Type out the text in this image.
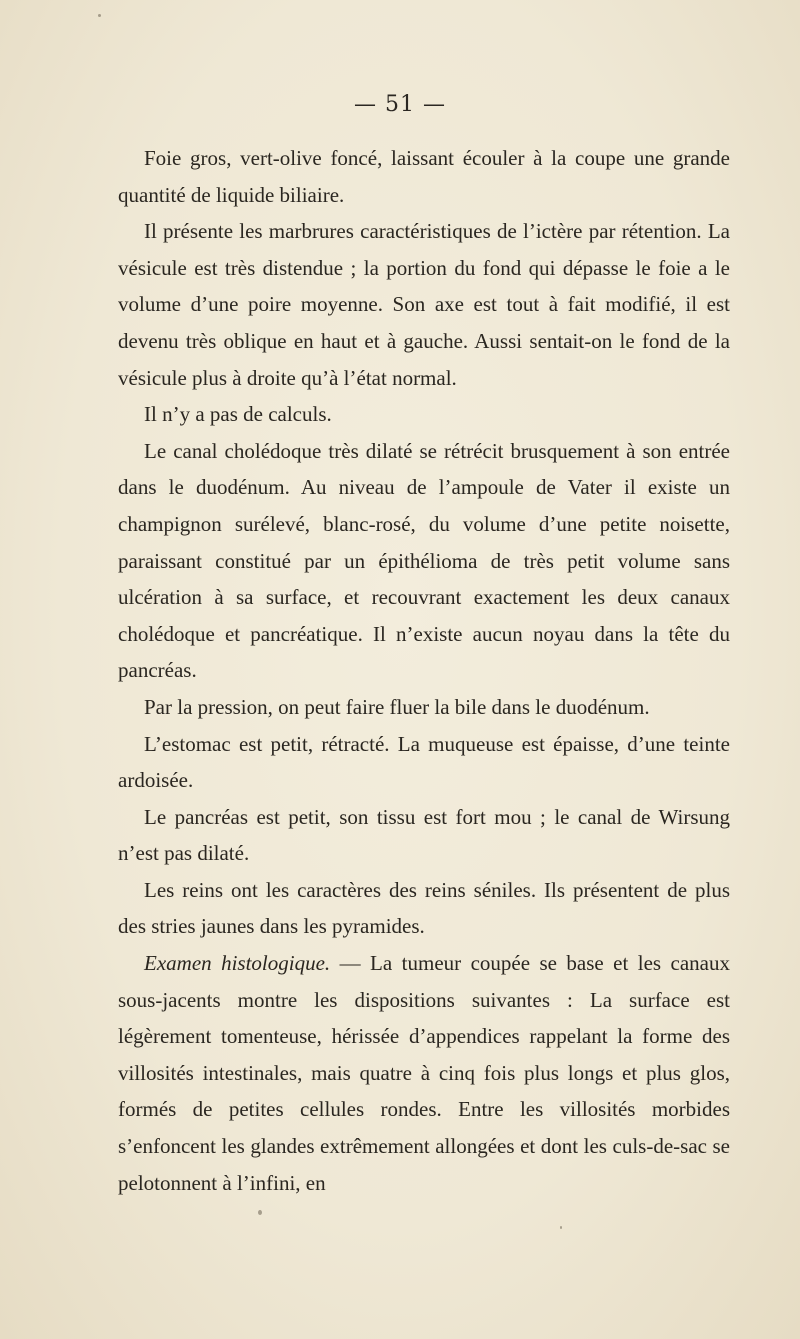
— 51 —

Foie gros, vert-olive foncé, laissant écouler à la coupe une grande quantité de liquide biliaire.

Il présente les marbrures caractéristiques de l’ictère par rétention. La vésicule est très distendue ; la portion du fond qui dépasse le foie a le volume d’une poire moyenne. Son axe est tout à fait modifié, il est devenu très oblique en haut et à gauche. Aussi sentait-on le fond de la vésicule plus à droite qu’à l’état normal.

Il n’y a pas de calculs.

Le canal cholédoque très dilaté se rétrécit brusquement à son entrée dans le duodénum. Au niveau de l’ampoule de Vater il existe un champignon surélevé, blanc-rosé, du volume d’une petite noisette, paraissant constitué par un épithélioma de très petit volume sans ulcération à sa surface, et recouvrant exactement les deux canaux cholédoque et pancréatique. Il n’existe aucun noyau dans la tête du pancréas.

Par la pression, on peut faire fluer la bile dans le duodénum.

L’estomac est petit, rétracté. La muqueuse est épaisse, d’une teinte ardoisée.

Le pancréas est petit, son tissu est fort mou ; le canal de Wirsung n’est pas dilaté.

Les reins ont les caractères des reins séniles. Ils présentent de plus des stries jaunes dans les pyramides.

Examen histologique. — La tumeur coupée se base et les canaux sous-jacents montre les dispositions suivantes : La surface est légèrement tomenteuse, hérissée d’appendices rappelant la forme des villosités intestinales, mais quatre à cinq fois plus longs et plus glos, formés de petites cellules rondes. Entre les villosités morbides s’enfoncent les glandes extrêmement allongées et dont les culs-de-sac se pelotonnent à l’infini, en
